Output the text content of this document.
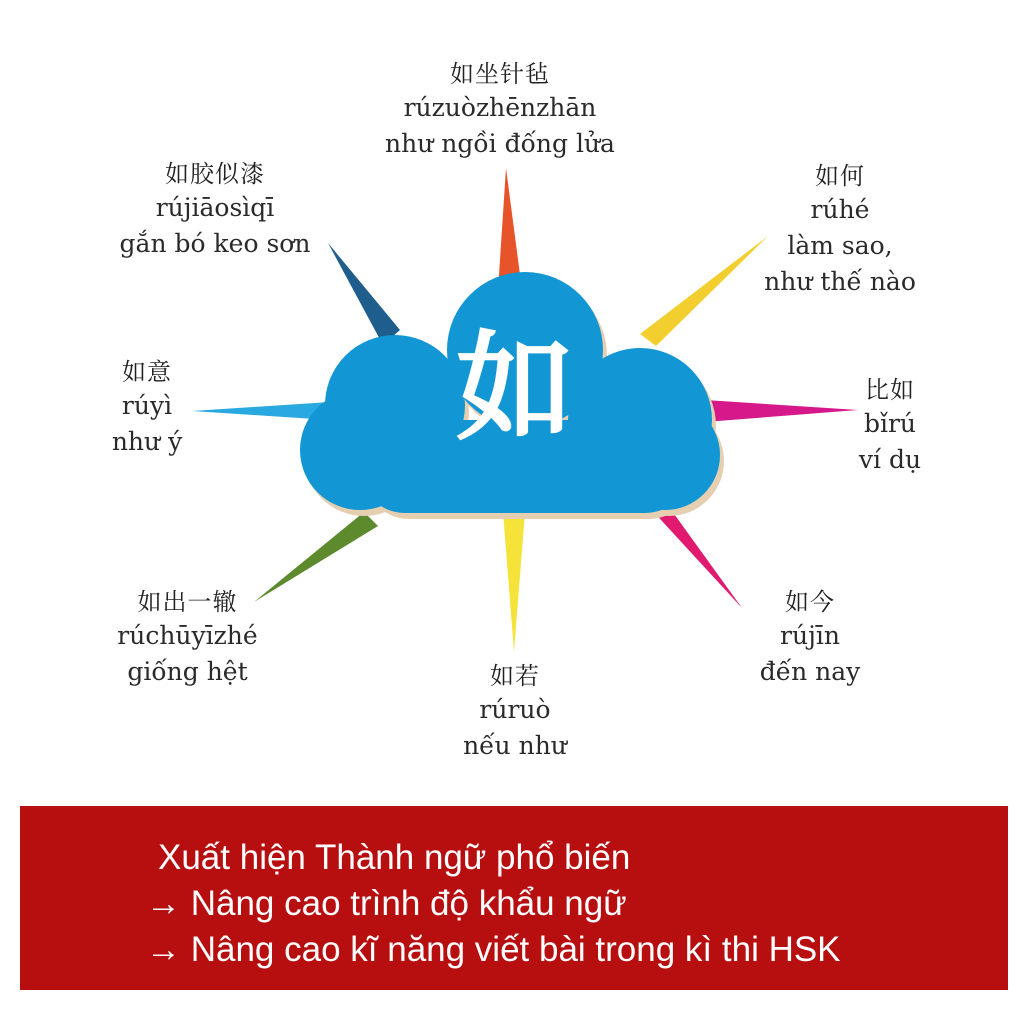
如
如坐针毡
rúzuòzhēnzhān
như ngồi đống lửa
如胶似漆
rújiāosìqī
gắn bó keo sơn
如何
rúhé
làm sao,
như thế nào
如意
rúyì
như ý
比如
bǐrú
ví dụ
如出一辙
rúchūyīzhé
giống hệt	如若
rúruò
nếu như
如今
rújīn
đến nay
Xuất hiện Thành ngữ phổ biến
→ Nâng cao trình độ khẩu ngữ
→ Nâng cao kĩ năng viết bài trong kì thi HSK
